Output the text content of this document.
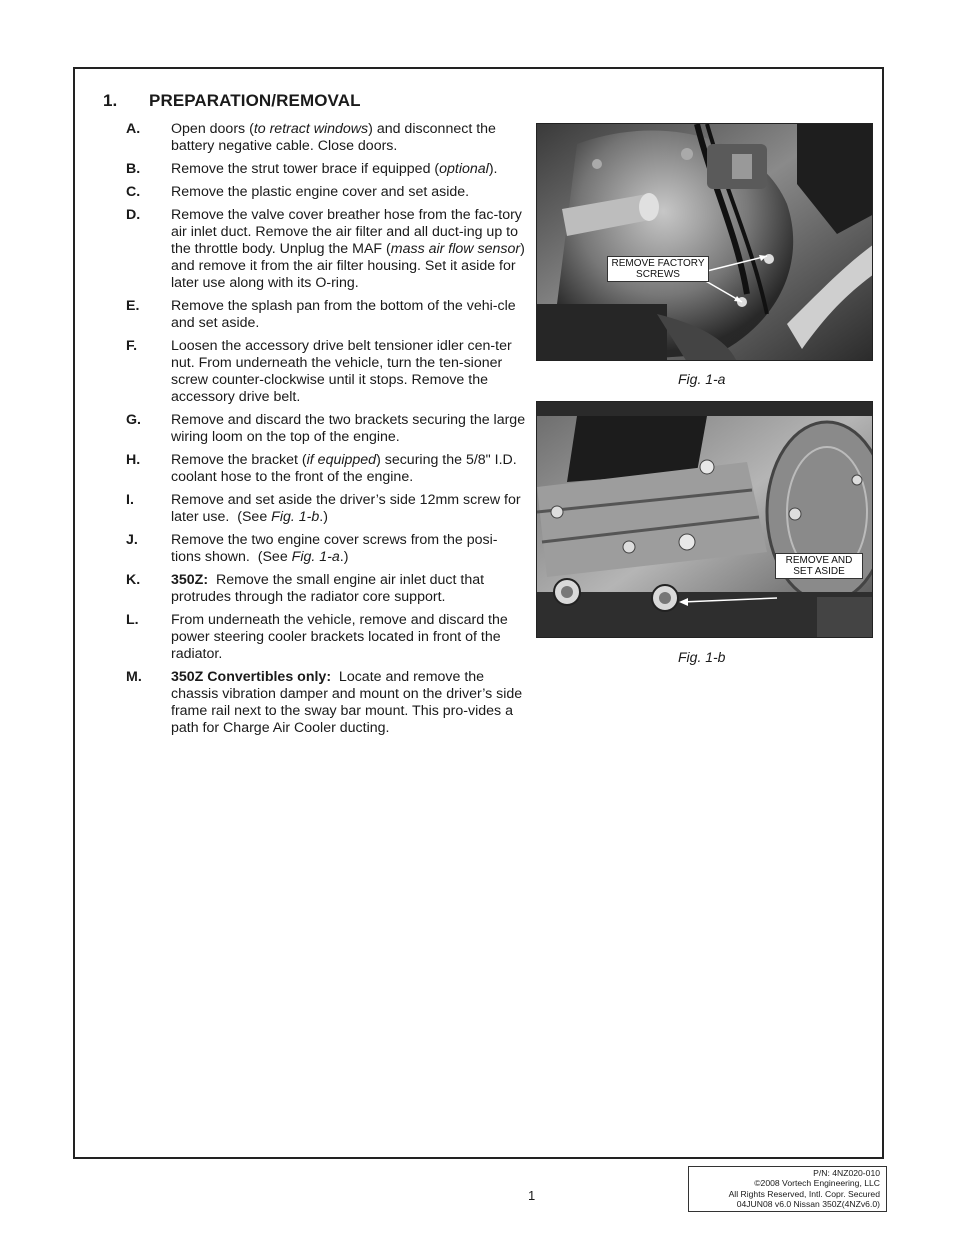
1. PREPARATION/REMOVAL
A.	Open doors (to retract windows) and disconnect the battery negative cable. Close doors.
B.	Remove the strut tower brace if equipped (optional).
C.	Remove the plastic engine cover and set aside.
D.	Remove the valve cover breather hose from the fac-tory air inlet duct. Remove the air filter and all duct-ing up to the throttle body. Unplug the MAF (mass air flow sensor) and remove it from the air filter housing. Set it aside for later use along with its O-ring.
E.	Remove the splash pan from the bottom of the vehi-cle and set aside.
F.	Loosen the accessory drive belt tensioner idler cen-ter nut. From underneath the vehicle, turn the ten-sioner screw counter-clockwise until it stops. Remove the accessory drive belt.
G.	Remove and discard the two brackets securing the large wiring loom on the top of the engine.
H.	Remove the bracket (if equipped) securing the 5/8" I.D. coolant hose to the front of the engine.
I.	Remove and set aside the driver’s side 12mm screw for later use.  (See Fig. 1-b.)
J.	Remove the two engine cover screws from the posi-tions shown.  (See Fig. 1-a.)
K.	350Z:  Remove the small engine air inlet duct that protrudes through the radiator core support.
L.	From underneath the vehicle, remove and discard the power steering cooler brackets located in front of the radiator.
M.	350Z Convertibles only:  Locate and remove the chassis vibration damper and mount on the driver’s side frame rail next to the sway bar mount. This pro-vides a path for Charge Air Cooler ducting.
Fig. 1-a
REMOVE FACTORY
SCREWS
Fig. 1-b
REMOVE AND
SET ASIDE
1
P/N: 4NZ020-010
©2008 Vortech Engineering, LLC
All Rights Reserved, Intl. Copr. Secured
04JUN08 v6.0 Nissan 350Z(4NZv6.0)
